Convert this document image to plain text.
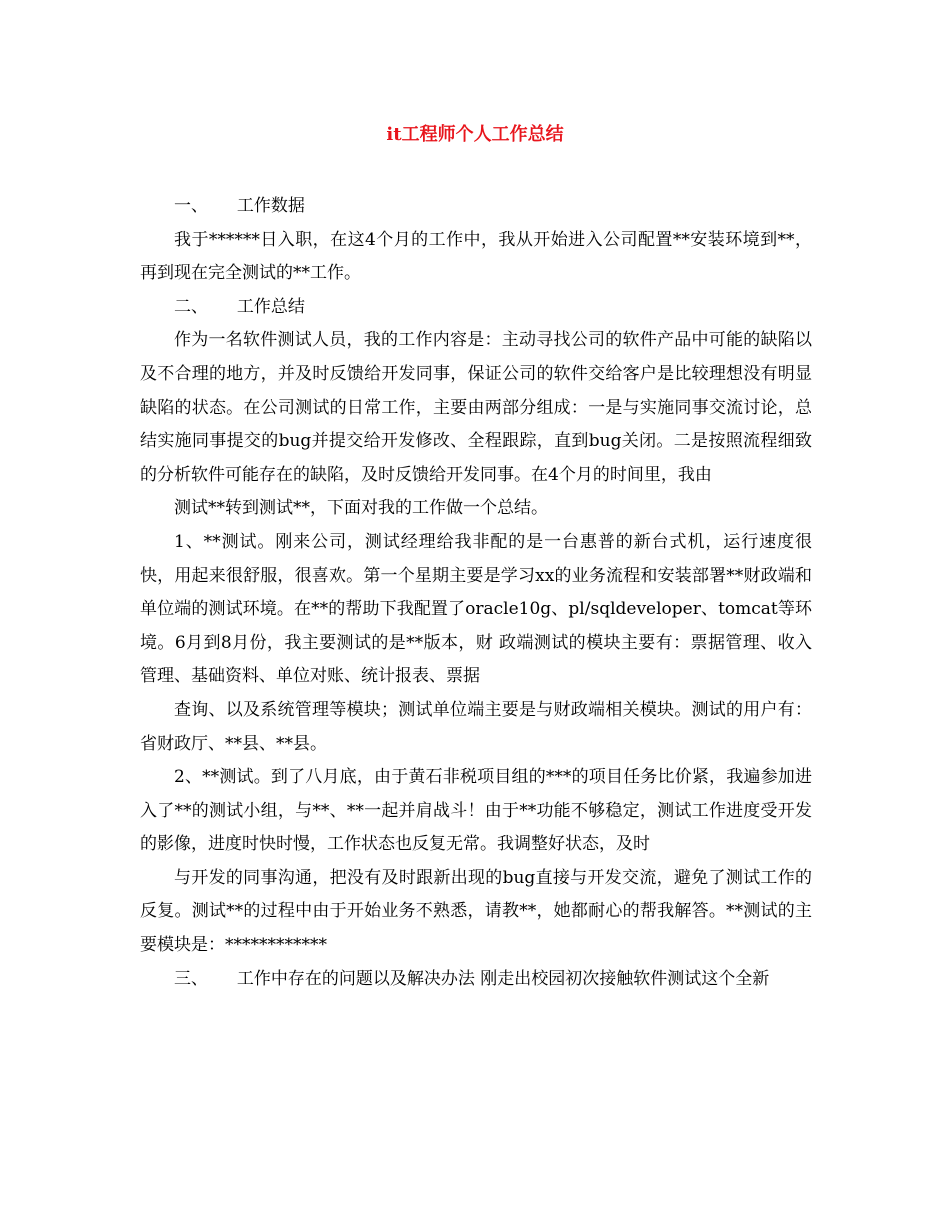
it工程师个人工作总结

一、 工作数据

我于******日入职，在这4个月的工作中，我从开始进入公司配置**安装环境到**，再到现在完全测试的**工作。

二、 工作总结

作为一名软件测试人员，我的工作内容是：主动寻找公司的软件产品中可能的缺陷以及不合理的地方，并及时反馈给开发同事，保证公司的软件交给客户是比较理想没有明显缺陷的状态。在公司测试的日常工作，主要由两部分组成：一是与实施同事交流讨论，总 结实施同事提交的bug并提交给开发修改、全程跟踪，直到bug关闭。二是按照流程细致的分析软件可能存在的缺陷，及时反馈给开发同事。在4个月的时间里，我由

测试**转到测试**，下面对我的工作做一个总结。

1、**测试。刚来公司，测试经理给我非配的是一台惠普的新台式机，运行速度很快，用起来很舒服，很喜欢。第一个星期主要是学习xx的业务流程和安装部署**财政端和单位端的测试环境。在**的帮助下我配置了oracle10g、pl/sqldeveloper、tomcat等环境。6月到8月份，我主要测试的是**版本，财 政端测试的模块主要有：票据管理、收入管理、基础资料、单位对账、统计报表、票据

查询、以及系统管理等模块；测试单位端主要是与财政端相关模块。测试的用户有：省财政厅、**县、**县。

2、**测试。到了八月底，由于黄石非税项目组的***的项目任务比价紧，我遍参加进入了**的测试小组，与**、**一起并肩战斗！由于**功能不够稳定，测试工作进度受开发的影像，进度时快时慢，工作状态也反复无常。我调整好状态，及时

与开发的同事沟通，把没有及时跟新出现的bug直接与开发交流，避免了测试工作的反复。测试**的过程中由于开始业务不熟悉，请教**，她都耐心的帮我解答。**测试的主要模块是：************

三、 工作中存在的问题以及解决办法 刚走出校园初次接触软件测试这个全新
